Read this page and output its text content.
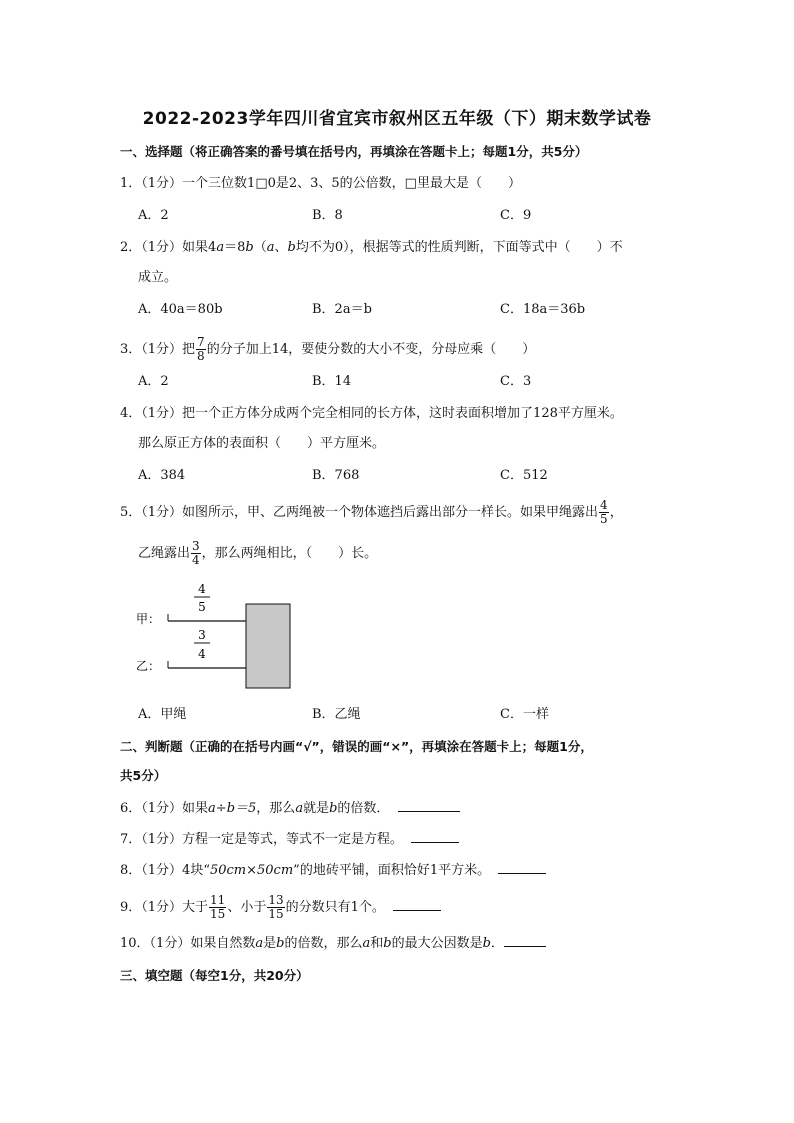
2022-2023学年四川省宜宾市叙州区五年级（下）期末数学试卷
一、选择题（将正确答案的番号填在括号内，再填涂在答题卡上；每题1分，共5分）
1．（1分）一个三位数1□0是2、3、5的公倍数，□里最大是（　　）
A．2	B．8	C．9
2．（1分）如果4a＝8b（a、b均不为0），根据等式的性质判断，下面等式中（　　）不
成立。
A．40a＝80b	B．2a＝b	C．18a＝36b
3．（1分）把 $\frac{7}{8}$ 的分子加上14，要使分数的大小不变，分母应乘（　　）
A．2	B．14	C．3
4．（1分）把一个正方体分成两个完全相同的长方体，这时表面积增加了128平方厘米。
那么原正方体的表面积（　　）平方厘米。
A．384	B．768	C．512
5．（1分）如图所示，甲、乙两绳被一个物体遮挡后露出部分一样长。如果甲绳露出 $\frac{4}{5}$ ，
乙绳露出 $\frac{3}{4}$ ，那么两绳相比，（　　）长。
4
5
甲：
3
4
乙：
A．甲绳	B．乙绳	C．一样
二、判断题（正确的在括号内画“√”，错误的画“×”，再填涂在答题卡上；每题1分，
共5分）
6．（1分）如果a÷b＝5，那么a就是b的倍数．
7．（1分）方程一定是等式，等式不一定是方程。
8．（1分）4块“50cm×50cm”的地砖平铺，面积恰好1平方米。
9．（1分）大于 $\frac{11}{15}$ 、小于 $\frac{13}{15}$ 的分数只有1个。
10．（1分）如果自然数a是b的倍数，那么a和b的最大公因数是b．
三、填空题（每空1分，共20分）
